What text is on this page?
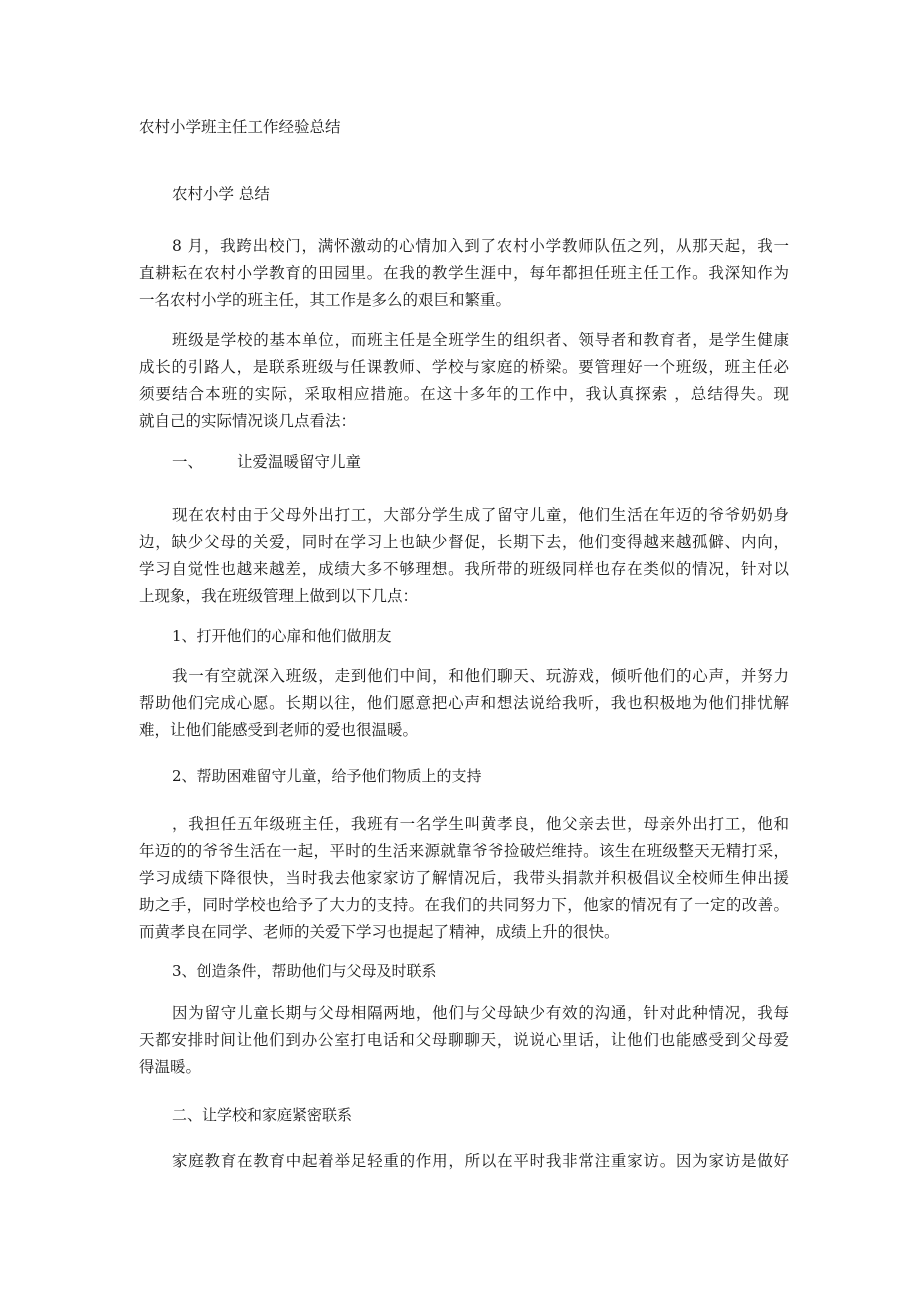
农村小学班主任工作经验总结
农村小学 总结
8 月，我跨出校门，满怀激动的心情加入到了农村小学教师队伍之列，从那天起，我一
直耕耘在农村小学教育的田园里。在我的教学生涯中，每年都担任班主任工作。我深知作为
一名农村小学的班主任，其工作是多么的艰巨和繁重。
班级是学校的基本单位，而班主任是全班学生的组织者、领导者和教育者，是学生健康
成长的引路人，是联系班级与任课教师、学校与家庭的桥梁。要管理好一个班级，班主任必
须要结合本班的实际，采取相应措施。在这十多年的工作中，我认真探索 ，总结得失。现
就自己的实际情况谈几点看法：
一、 让爱温暖留守儿童
现在农村由于父母外出打工，大部分学生成了留守儿童，他们生活在年迈的爷爷奶奶身
边，缺少父母的关爱，同时在学习上也缺少督促，长期下去，他们变得越来越孤僻、内向，
学习自觉性也越来越差，成绩大多不够理想。我所带的班级同样也存在类似的情况，针对以
上现象，我在班级管理上做到以下几点：
1、打开他们的心扉和他们做朋友
我一有空就深入班级，走到他们中间，和他们聊天、玩游戏，倾听他们的心声，并努力
帮助他们完成心愿。长期以往，他们愿意把心声和想法说给我听，我也积极地为他们排忧解
难，让他们能感受到老师的爱也很温暖。
2、帮助困难留守儿童，给予他们物质上的支持
，我担任五年级班主任，我班有一名学生叫黄孝良，他父亲去世，母亲外出打工，他和
年迈的的爷爷生活在一起，平时的生活来源就靠爷爷捡破烂维持。该生在班级整天无精打采，
学习成绩下降很快，当时我去他家家访了解情况后，我带头捐款并积极倡议全校师生伸出援
助之手，同时学校也给予了大力的支持。在我们的共同努力下，他家的情况有了一定的改善。
而黄孝良在同学、老师的关爱下学习也提起了精神，成绩上升的很快。
3、创造条件，帮助他们与父母及时联系
因为留守儿童长期与父母相隔两地，他们与父母缺少有效的沟通，针对此种情况，我每
天都安排时间让他们到办公室打电话和父母聊聊天，说说心里话，让他们也能感受到父母爱
得温暖。
二、让学校和家庭紧密联系
家庭教育在教育中起着举足轻重的作用，所以在平时我非常注重家访。因为家访是做好
